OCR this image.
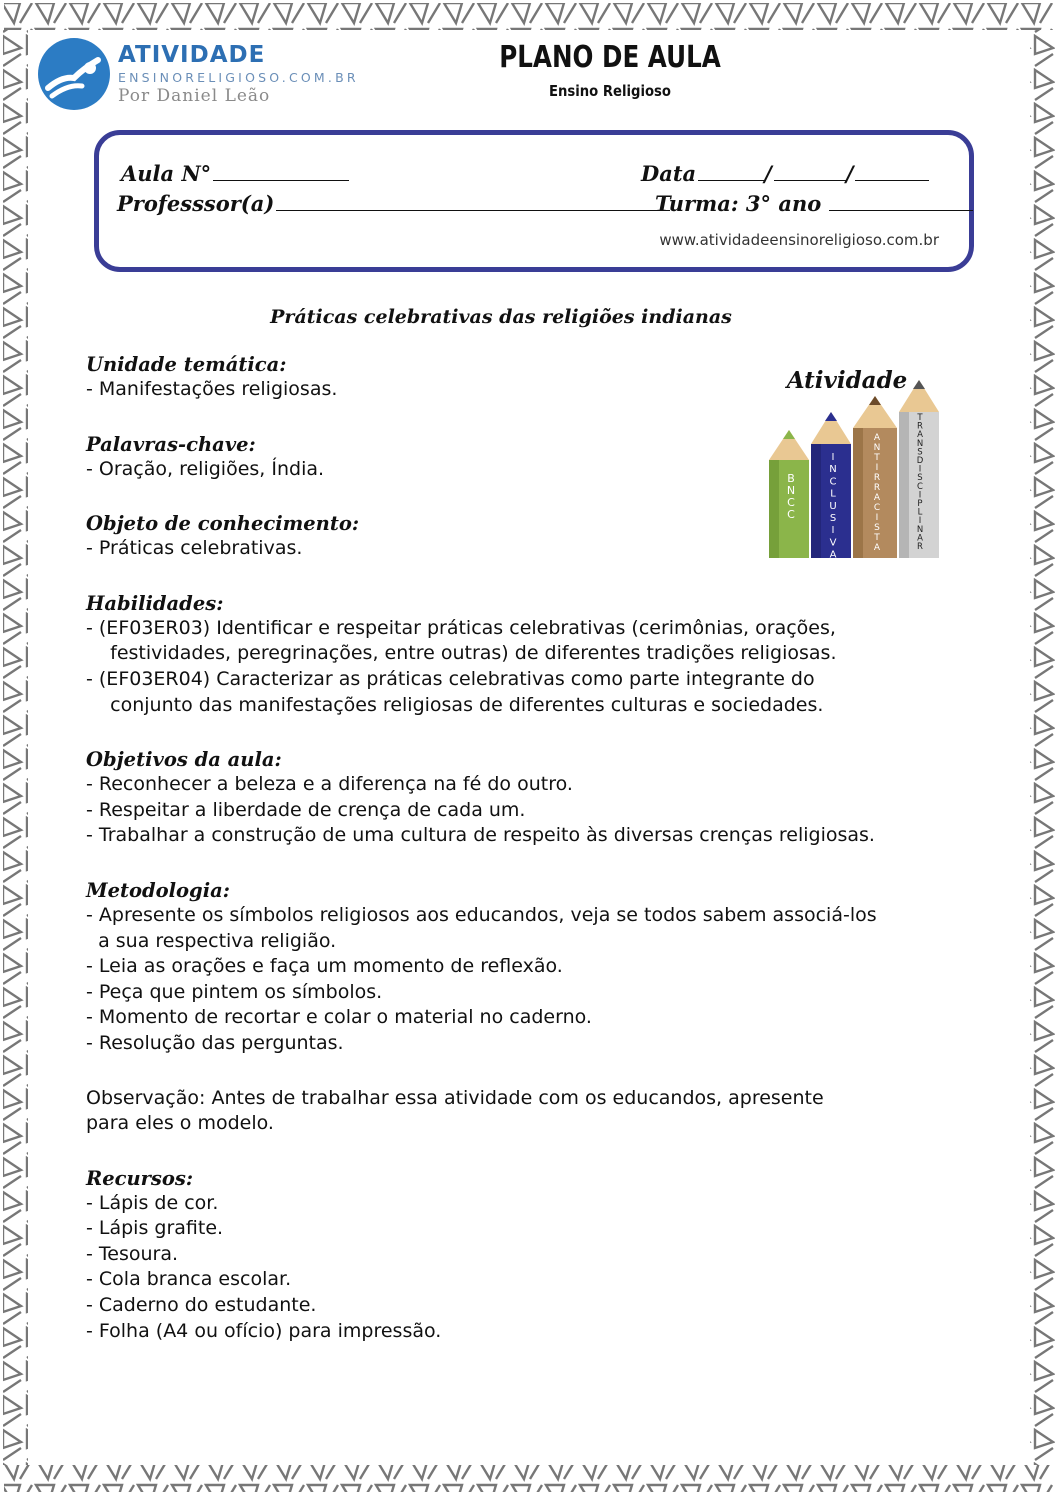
ATIVIDADE
ENSINORELIGIOSO.COM.BR
Por Daniel Leão
PLANO DE AULA
Ensino Religioso
Aula N°	Data	/	/
Professsor(a)	Turma: 3° ano
www.atividadeensinoreligioso.com.br
Práticas celebrativas das religiões indianas
Atividade
B N C C
I N C L U S I V A
A N T I R R A C I S T A
T R A N S D I S C I P L I N A R

Unidade temática:

- Manifestações religiosas.

Palavras-chave:

- Oração, religiões, Índia.

Objeto de conhecimento:

- Práticas celebrativas.

Habilidades:

- (EF03ER03) Identificar e respeitar práticas celebrativas (cerimônias, orações,

festividades, peregrinações, entre outras) de diferentes tradições religiosas.

- (EF03ER04) Caracterizar as práticas celebrativas como parte integrante do

conjunto das manifestações religiosas de diferentes culturas e sociedades.

Objetivos da aula:

- Reconhecer a beleza e a diferença na fé do outro.

- Respeitar a liberdade de crença de cada um.

- Trabalhar a construção de uma cultura de respeito às diversas crenças religiosas.

Metodologia:

- Apresente os símbolos religiosos aos educandos, veja se todos sabem associá-los

a sua respectiva religião.

- Leia as orações e faça um momento de reflexão.

- Peça que pintem os símbolos.

- Momento de recortar e colar o material no caderno.

- Resolução das perguntas.

Observação: Antes de trabalhar essa atividade com os educandos, apresente

para eles o modelo.

Recursos:

- Lápis de cor.

- Lápis grafite.

- Tesoura.

- Cola branca escolar.

- Caderno do estudante.

- Folha (A4 ou ofício) para impressão.
